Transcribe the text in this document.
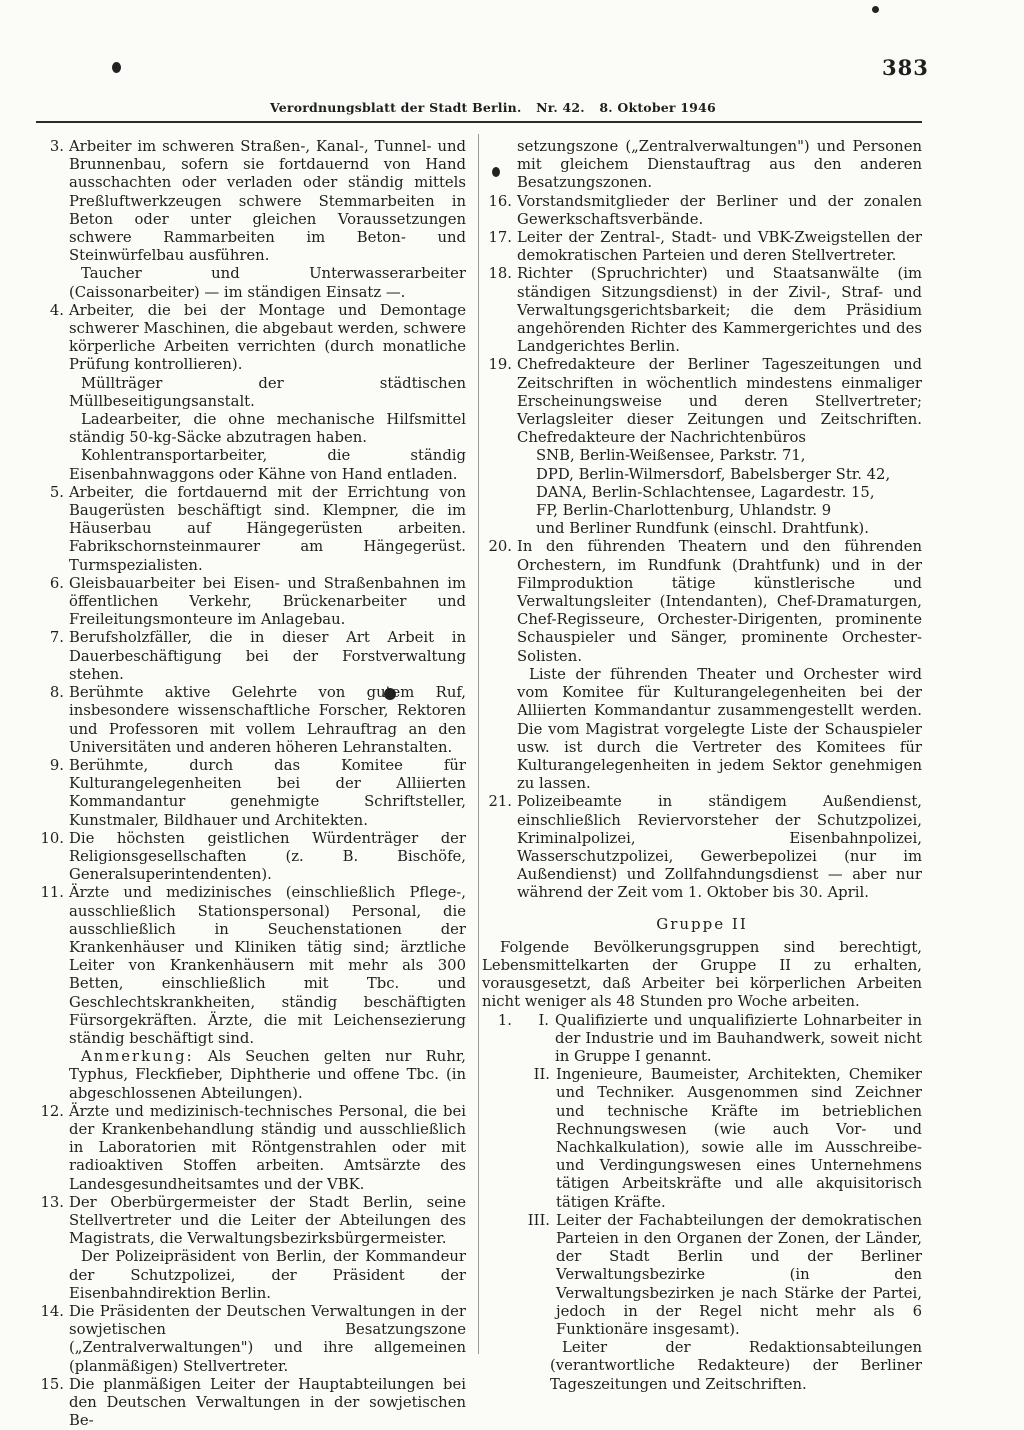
Verordnungsblatt der Stadt Berlin. Nr. 42. 8. Oktober 1946
383
3. Arbeiter im schweren Straßen-, Kanal-, Tunnel- und Brunnenbau, sofern sie fortdauernd von Hand ausschachten oder verladen oder ständig mittels Preßluftwerkzeugen schwere Stemmarbeiten in Beton oder unter gleichen Voraussetzungen schwere Rammarbeiten im Beton- und Steinwürfelbau ausführen.
Taucher und Unterwasserarbeiter (Caissonarbeiter) — im ständigen Einsatz —.
4. Arbeiter, die bei der Montage und Demontage schwerer Maschinen, die abgebaut werden, schwere körperliche Arbeiten verrichten (durch monatliche Prüfung kontrollieren).
Müllträger der städtischen Müllbeseitigungsanstalt.
Ladearbeiter, die ohne mechanische Hilfsmittel ständig 50-kg-Säcke abzutragen haben.
Kohlentransportarbeiter, die ständig Eisenbahnwaggons oder Kähne von Hand entladen.
5. Arbeiter, die fortdauernd mit der Errichtung von Baugerüsten beschäftigt sind. Klempner, die im Häuserbau auf Hängegerüsten arbeiten. Fabrikschornsteinmaurer am Hängegerüst. Turmspezialisten.
6. Gleisbauarbeiter bei Eisen- und Straßenbahnen im öffentlichen Verkehr, Brückenarbeiter und Freileitungsmonteure im Anlagebau.
7. Berufsholzfäller, die in dieser Art Arbeit in Dauerbeschäftigung bei der Forstverwaltung stehen.
8. Berühmte aktive Gelehrte von gutem Ruf, insbesondere wissenschaftliche Forscher, Rektoren und Professoren mit vollem Lehrauftrag an den Universitäten und anderen höheren Lehranstalten.
9. Berühmte, durch das Komitee für Kulturangelegenheiten bei der Alliierten Kommandantur genehmigte Schriftsteller, Kunstmaler, Bildhauer und Architekten.
10. Die höchsten geistlichen Würdenträger der Religionsgesellschaften (z. B. Bischöfe, Generalsuperintendenten).
11. Ärzte und medizinisches (einschließlich Pflege-, ausschließlich Stationspersonal) Personal, die ausschließlich in Seuchenstationen der Krankenhäuser und Kliniken tätig sind; ärztliche Leiter von Krankenhäusern mit mehr als 300 Betten, einschließlich mit Tbc. und Geschlechtskrankheiten, ständig beschäftigten Fürsorgekräften. Ärzte, die mit Leichensezierung ständig beschäftigt sind.
Anmerkung: Als Seuchen gelten nur Ruhr, Typhus, Fleckfieber, Diphtherie und offene Tbc. (in abgeschlossenen Abteilungen).
12. Ärzte und medizinisch-technisches Personal, die bei der Krankenbehandlung ständig und ausschließlich in Laboratorien mit Röntgenstrahlen oder mit radioaktiven Stoffen arbeiten. Amtsärzte des Landesgesundheitsamtes und der VBK.
13. Der Oberbürgermeister der Stadt Berlin, seine Stellvertreter und die Leiter der Abteilungen des Magistrats, die Verwaltungsbezirksbürgermeister.
Der Polizeipräsident von Berlin, der Kommandeur der Schutzpolizei, der Präsident der Eisenbahndirektion Berlin.
14. Die Präsidenten der Deutschen Verwaltungen in der sowjetischen Besatzungszone („Zentralverwaltungen") und ihre allgemeinen (planmäßigen) Stellvertreter.
15. Die planmäßigen Leiter der Hauptabteilungen bei den Deutschen Verwaltungen in der sowjetischen Be-
setzungszone („Zentralverwaltungen") und Personen mit gleichem Dienstauftrag aus den anderen Besatzungszonen.
16. Vorstandsmitglieder der Berliner und der zonalen Gewerkschaftsverbände.
17. Leiter der Zentral-, Stadt- und VBK-Zweigstellen der demokratischen Parteien und deren Stellvertreter.
18. Richter (Spruchrichter) und Staatsanwälte (im ständigen Sitzungsdienst) in der Zivil-, Straf- und Verwaltungsgerichtsbarkeit; die dem Präsidium angehörenden Richter des Kammergerichtes und des Landgerichtes Berlin.
19. Chefredakteure der Berliner Tageszeitungen und Zeitschriften in wöchentlich mindestens einmaliger Erscheinungsweise und deren Stellvertreter; Verlagsleiter dieser Zeitungen und Zeitschriften. Chefredakteure der Nachrichtenbüros
SNB, Berlin-Weißensee, Parkstr. 71,
DPD, Berlin-Wilmersdorf, Babelsberger Str. 42,
DANA, Berlin-Schlachtensee, Lagardestr. 15,
FP, Berlin-Charlottenburg, Uhlandstr. 9
und Berliner Rundfunk (einschl. Drahtfunk).
20. In den führenden Theatern und den führenden Orchestern, im Rundfunk (Drahtfunk) und in der Filmproduktion tätige künstlerische und Verwaltungsleiter (Intendanten), Chef-Dramaturgen, Chef-Regisseure, Orchester-Dirigenten, prominente Schauspieler und Sänger, prominente Orchester-Solisten.
Liste der führenden Theater und Orchester wird vom Komitee für Kulturangelegenheiten bei der Alliierten Kommandantur zusammengestellt werden. Die vom Magistrat vorgelegte Liste der Schauspieler usw. ist durch die Vertreter des Komitees für Kulturangelegenheiten in jedem Sektor genehmigen zu lassen.
21. Polizeibeamte in ständigem Außendienst, einschließlich Reviervorsteher der Schutzpolizei, Kriminalpolizei, Eisenbahnpolizei, Wasserschutzpolizei, Gewerbepolizei (nur im Außendienst) und Zollfahndungsdienst — aber nur während der Zeit vom 1. Oktober bis 30. April.
Gruppe II
Folgende Bevölkerungsgruppen sind berechtigt, Lebensmittelkarten der Gruppe II zu erhalten, vorausgesetzt, daß Arbeiter bei körperlichen Arbeiten nicht weniger als 48 Stunden pro Woche arbeiten.
1.	I. Qualifizierte und unqualifizierte Lohnarbeiter in der Industrie und im Bauhandwerk, soweit nicht in Gruppe I genannt.
II. Ingenieure, Baumeister, Architekten, Chemiker und Techniker. Ausgenommen sind Zeichner und technische Kräfte im betrieblichen Rechnungswesen (wie auch Vor- und Nachkalkulation), sowie alle im Ausschreibe- und Verdingungswesen eines Unternehmens tätigen Arbeitskräfte und alle akquisitorisch tätigen Kräfte.
III. Leiter der Fachabteilungen der demokratischen Parteien in den Organen der Zonen, der Länder, der Stadt Berlin und der Berliner Verwaltungsbezirke (in den Verwaltungsbezirken je nach Stärke der Partei, jedoch in der Regel nicht mehr als 6 Funktionäre insgesamt).
Leiter der Redaktionsabteilungen (verantwortliche Redakteure) der Berliner Tageszeitungen und Zeitschriften.
